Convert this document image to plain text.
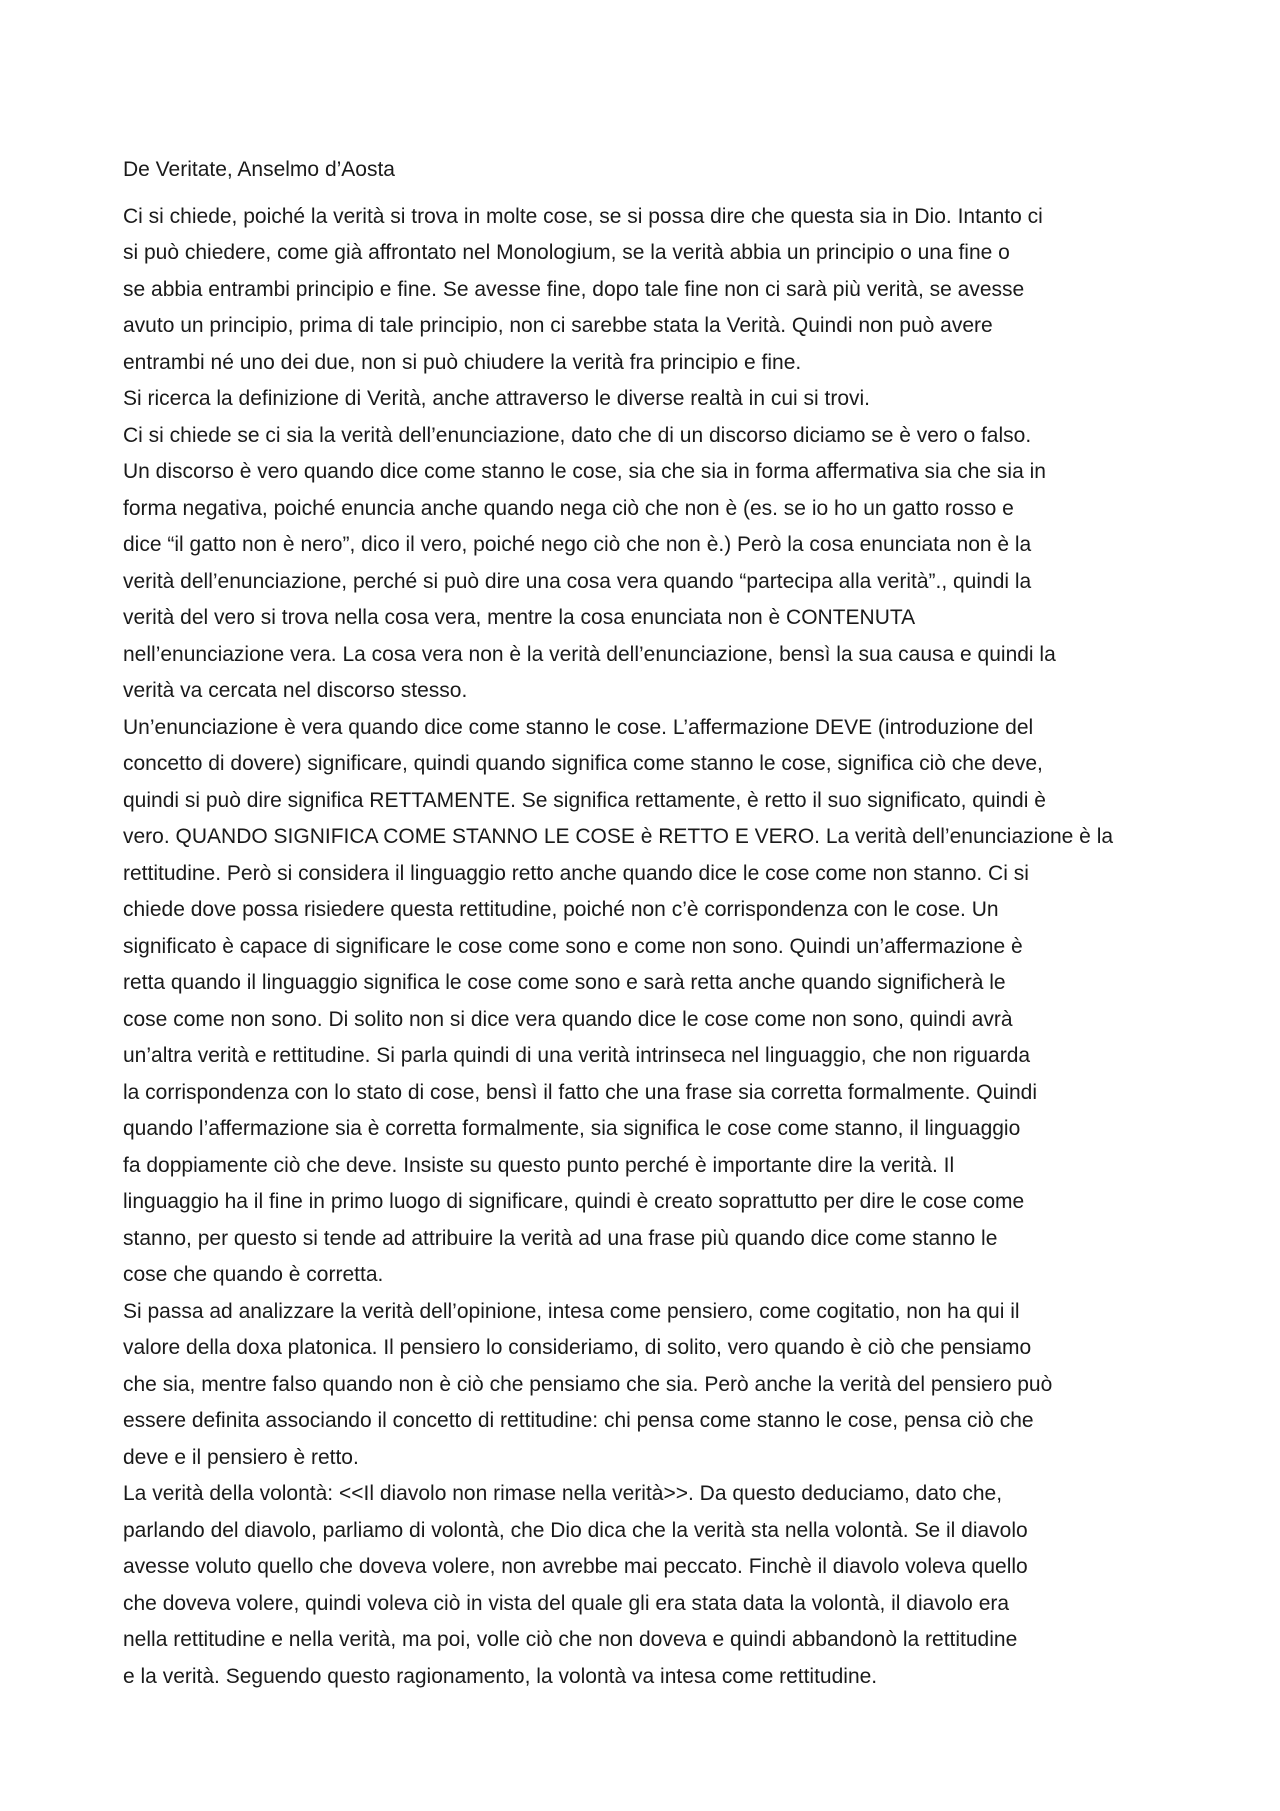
De Veritate, Anselmo d’Aosta
Ci si chiede, poiché la verità si trova in molte cose, se si possa dire che questa sia in Dio. Intanto ci
si può chiedere, come già affrontato nel Monologium, se la verità abbia un principio o una fine o
se abbia entrambi principio e fine. Se avesse fine, dopo tale fine non ci sarà più verità, se avesse
avuto un principio, prima di tale principio, non ci sarebbe stata la Verità. Quindi non può avere
entrambi né uno dei due, non si può chiudere la verità fra principio e fine.
Si ricerca la definizione di Verità, anche attraverso le diverse realtà in cui si trovi.
Ci si chiede se ci sia la verità dell’enunciazione, dato che di un discorso diciamo se è vero o falso.
Un discorso è vero quando dice come stanno le cose, sia che sia in forma affermativa sia che sia in
forma negativa, poiché enuncia anche quando nega ciò che non è (es. se io ho un gatto rosso e
dice “il gatto non è nero”, dico il vero, poiché nego ciò che non è.) Però la cosa enunciata non è la
verità dell’enunciazione, perché si può dire una cosa vera quando “partecipa alla verità”., quindi la
verità del vero si trova nella cosa vera, mentre la cosa enunciata non è CONTENUTA
nell’enunciazione vera. La cosa vera non è la verità dell’enunciazione, bensì la sua causa e quindi la
verità va cercata nel discorso stesso.
Un’enunciazione è vera quando dice come stanno le cose. L’affermazione DEVE (introduzione del
concetto di dovere) significare, quindi quando significa come stanno le cose, significa ciò che deve,
quindi si può dire significa RETTAMENTE. Se significa rettamente, è retto il suo significato, quindi è
vero. QUANDO SIGNIFICA COME STANNO LE COSE è RETTO E VERO. La verità dell’enunciazione è la
rettitudine. Però si considera il linguaggio retto anche quando dice le cose come non stanno. Ci si
chiede dove possa risiedere questa rettitudine, poiché non c’è corrispondenza con le cose. Un
significato è capace di significare le cose come sono e come non sono. Quindi un’affermazione è
retta quando il linguaggio significa le cose come sono e sarà retta anche quando significherà le
cose come non sono. Di solito non si dice vera quando dice le cose come non sono, quindi avrà
un’altra verità e rettitudine. Si parla quindi di una verità intrinseca nel linguaggio, che non riguarda
la corrispondenza con lo stato di cose, bensì il fatto che una frase sia corretta formalmente. Quindi
quando l’affermazione sia è corretta formalmente, sia significa le cose come stanno, il linguaggio
fa doppiamente ciò che deve. Insiste su questo punto perché è importante dire la verità. Il
linguaggio ha il fine in primo luogo di significare, quindi è creato soprattutto per dire le cose come
stanno, per questo si tende ad attribuire la verità ad una frase più quando dice come stanno le
cose che quando è corretta.
Si passa ad analizzare la verità dell’opinione, intesa come pensiero, come cogitatio, non ha qui il
valore della doxa platonica. Il pensiero lo consideriamo, di solito, vero quando è ciò che pensiamo
che sia, mentre falso quando non è ciò che pensiamo che sia. Però anche la verità del pensiero può
essere definita associando il concetto di rettitudine: chi pensa come stanno le cose, pensa ciò che
deve e il pensiero è retto.
La verità della volontà: <<Il diavolo non rimase nella verità>>. Da questo deduciamo, dato che,
parlando del diavolo, parliamo di volontà, che Dio dica che la verità sta nella volontà. Se il diavolo
avesse voluto quello che doveva volere, non avrebbe mai peccato. Finchè il diavolo voleva quello
che doveva volere, quindi voleva ciò in vista del quale gli era stata data la volontà, il diavolo era
nella rettitudine e nella verità, ma poi, volle ciò che non doveva e quindi abbandonò la rettitudine
e la verità. Seguendo questo ragionamento, la volontà va intesa come rettitudine.
